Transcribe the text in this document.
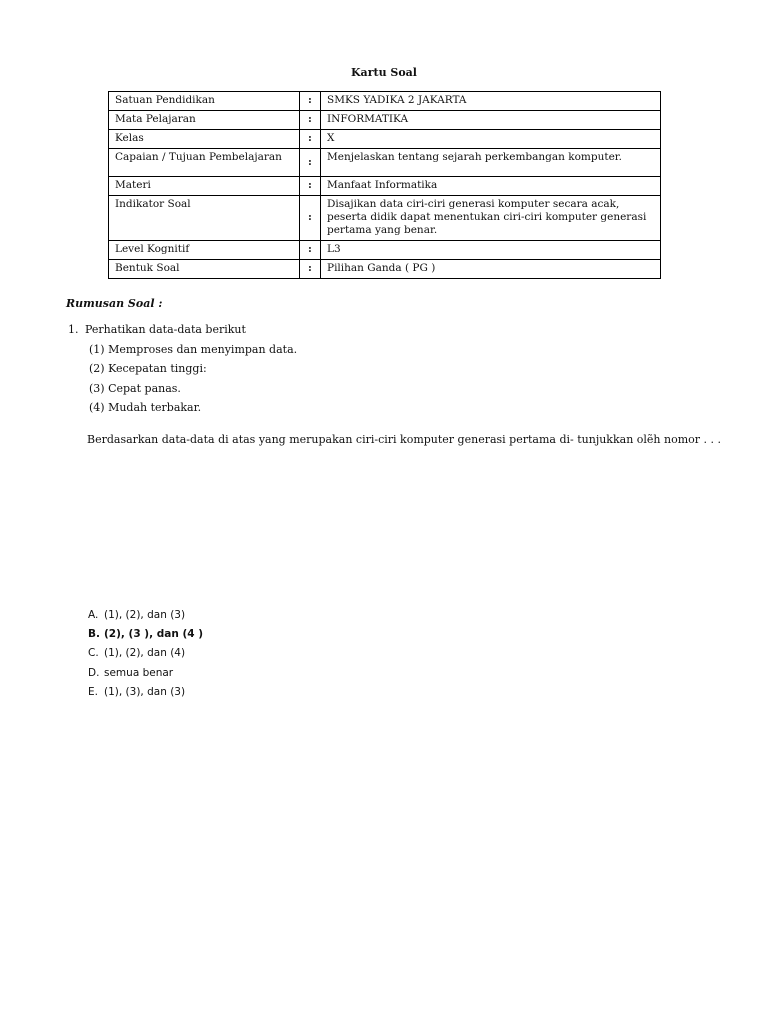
Kartu Soal
Satuan Pendidikan	:	SMKS YADIKA 2 JAKARTA
Mata Pelajaran	:	INFORMATIKA
Kelas	:	X
Capaian / Tujuan Pembelajaran	:	Menjelaskan tentang sejarah perkembangan komputer.
Materi	:	Manfaat Informatika
Indikator Soal	:	Disajikan data ciri-ciri generasi komputer secara acak, peserta didik dapat menentukan ciri-ciri komputer generasi pertama yang benar.
Level Kognitif	:	L3
Bentuk Soal	:	Pilihan Ganda ( PG )
Rumusan Soal :
1. Perhatikan data-data berikut
(1) Memproses dan menyimpan data.
(2) Kecepatan tinggi:
(3) Cepat panas.
(4) Mudah terbakar.
Berdasarkan data-data di atas yang merupakan ciri-ciri komputer generasi pertama di- tunjukkan olẽh nomor . . .
A. (1), (2), dan (3)
B. (2), (3 ), dan (4 )
C. (1), (2), dan (4)
D. semua benar
E. (1), (3), dan (3)
